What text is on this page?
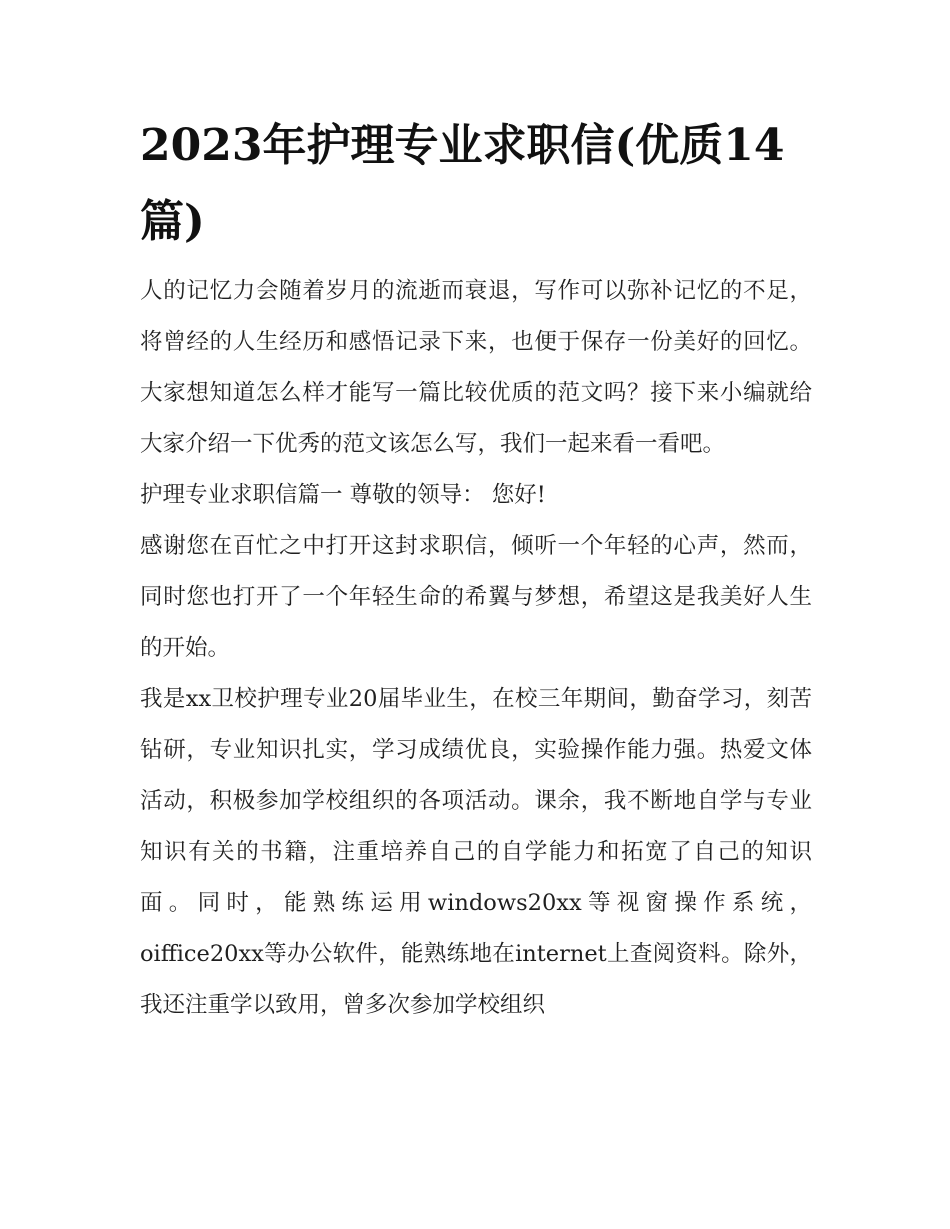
2023年护理专业求职信(优质14篇)

人的记忆力会随着岁月的流逝而衰退，写作可以弥补记忆的不足，将曾经的人生经历和感悟记录下来，也便于保存一份美好的回忆。大家想知道怎么样才能写一篇比较优质的范文吗？接下来小编就给大家介绍一下优秀的范文该怎么写，我们一起来看一看吧。

护理专业求职信篇一 尊敬的领导： 您好!

感谢您在百忙之中打开这封求职信，倾听一个年轻的心声，然而，同时您也打开了一个年轻生命的希翼与梦想，希望这是我美好人生的开始。

我是xx卫校护理专业20届毕业生，在校三年期间，勤奋学习，刻苦钻研，专业知识扎实，学习成绩优良，实验操作能力强。热爱文体活动，积极参加学校组织的各项活动。课余，我不断地自学与专业知识有关的书籍，注重培养自己的自学能力和拓宽了自己的知识面。同时，能熟练运用windows20xx等视窗操作系统，oiffice20xx等办公软件，能熟练地在internet上查阅资料。除外，我还注重学以致用，曾多次参加学校组织
